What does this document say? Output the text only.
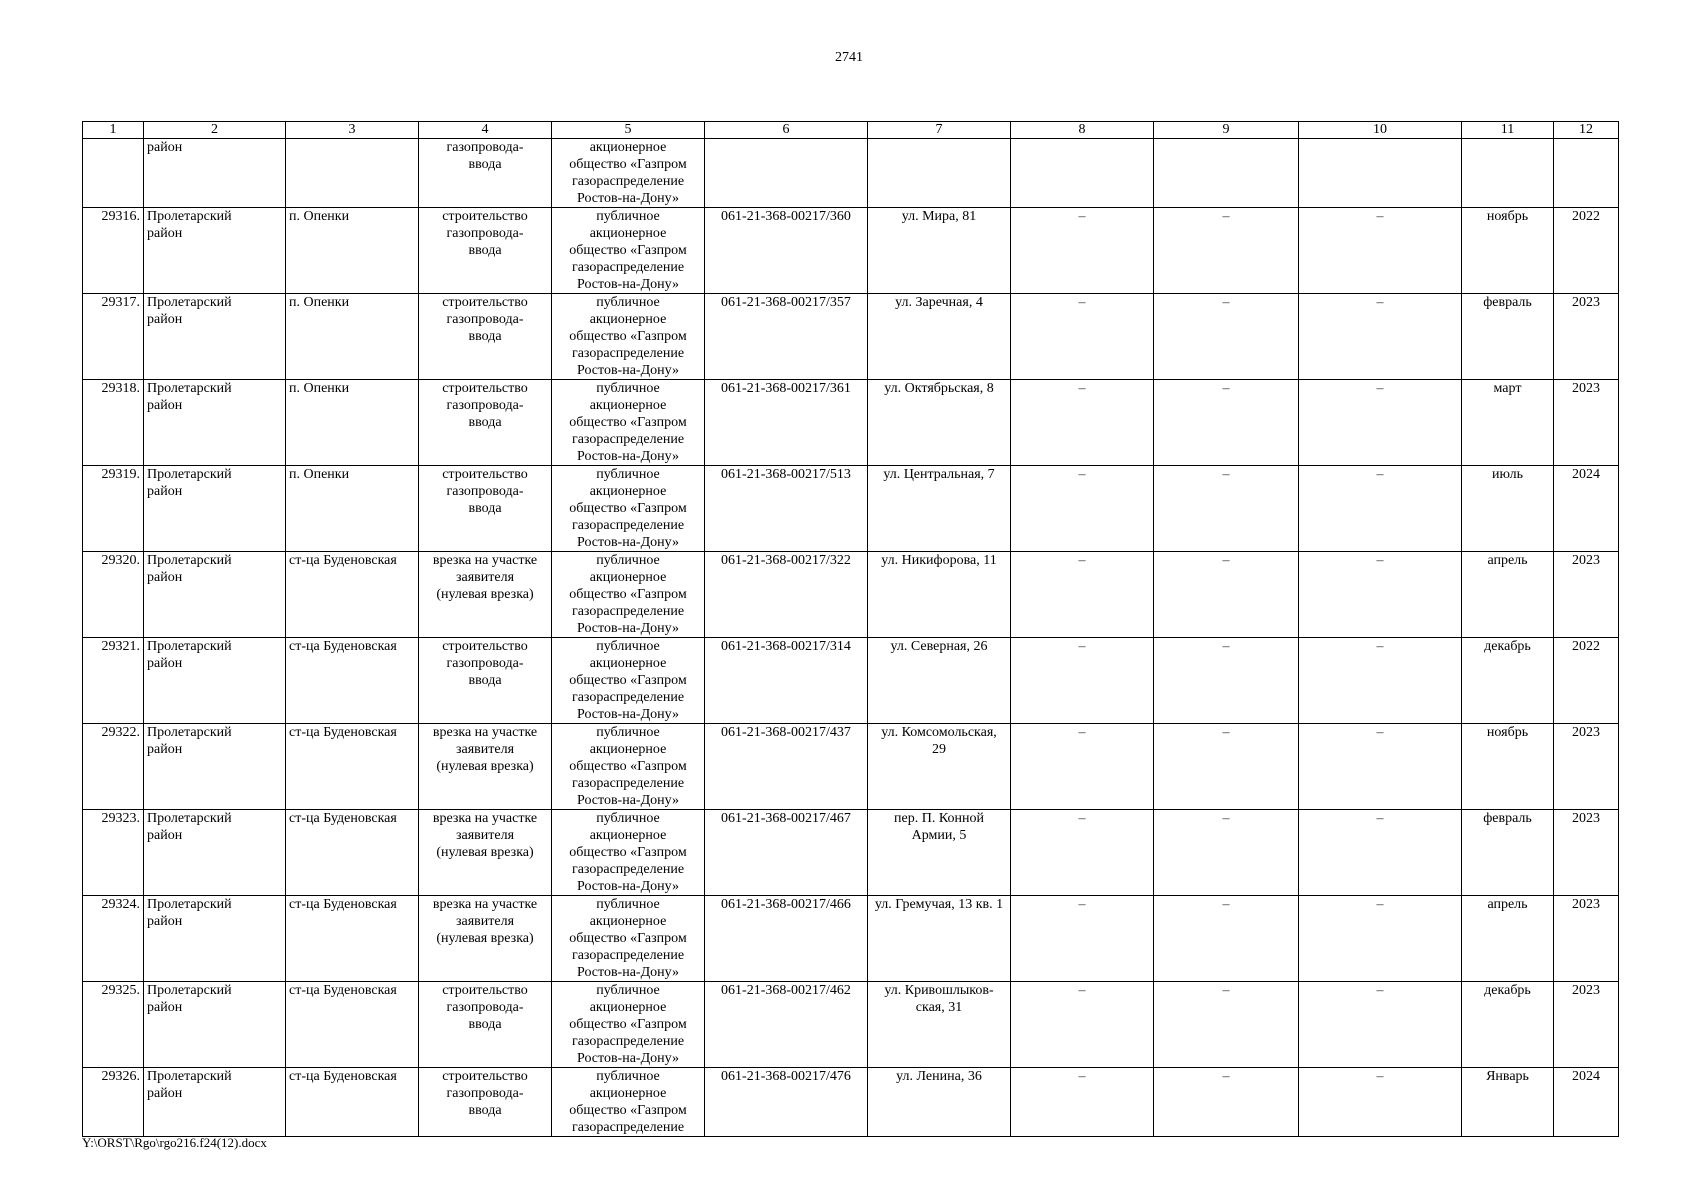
2741
1	2	3	4	5	6	7	8	9	10	11	12
	район		газопровода-
ввода	акционерное
общество «Газпром
газораспределение
Ростов-на-Дону»							
29316.	Пролетарский
район	п. Опенки	строительство
газопровода-
ввода	публичное
акционерное
общество «Газпром
газораспределение
Ростов-на-Дону»	061-21-368-00217/360	ул. Мира, 81	–	–	–	ноябрь	2022
29317.	Пролетарский
район	п. Опенки	строительство
газопровода-
ввода	публичное
акционерное
общество «Газпром
газораспределение
Ростов-на-Дону»	061-21-368-00217/357	ул. Заречная, 4	–	–	–	февраль	2023
29318.	Пролетарский
район	п. Опенки	строительство
газопровода-
ввода	публичное
акционерное
общество «Газпром
газораспределение
Ростов-на-Дону»	061-21-368-00217/361	ул. Октябрьская, 8	–	–	–	март	2023
29319.	Пролетарский
район	п. Опенки	строительство
газопровода-
ввода	публичное
акционерное
общество «Газпром
газораспределение
Ростов-на-Дону»	061-21-368-00217/513	ул. Центральная, 7	–	–	–	июль	2024
29320.	Пролетарский
район	ст-ца Буденовская	врезка на участке
заявителя
(нулевая врезка)	публичное
акционерное
общество «Газпром
газораспределение
Ростов-на-Дону»	061-21-368-00217/322	ул. Никифорова, 11	–	–	–	апрель	2023
29321.	Пролетарский
район	ст-ца Буденовская	строительство
газопровода-
ввода	публичное
акционерное
общество «Газпром
газораспределение
Ростов-на-Дону»	061-21-368-00217/314	ул. Северная, 26	–	–	–	декабрь	2022
29322.	Пролетарский
район	ст-ца Буденовская	врезка на участке
заявителя
(нулевая врезка)	публичное
акционерное
общество «Газпром
газораспределение
Ростов-на-Дону»	061-21-368-00217/437	ул. Комсомольская,
29	–	–	–	ноябрь	2023
29323.	Пролетарский
район	ст-ца Буденовская	врезка на участке
заявителя
(нулевая врезка)	публичное
акционерное
общество «Газпром
газораспределение
Ростов-на-Дону»	061-21-368-00217/467	пер. П. Конной
Армии, 5	–	–	–	февраль	2023
29324.	Пролетарский
район	ст-ца Буденовская	врезка на участке
заявителя
(нулевая врезка)	публичное
акционерное
общество «Газпром
газораспределение
Ростов-на-Дону»	061-21-368-00217/466	ул. Гремучая, 13 кв. 1	–	–	–	апрель	2023
29325.	Пролетарский
район	ст-ца Буденовская	строительство
газопровода-
ввода	публичное
акционерное
общество «Газпром
газораспределение
Ростов-на-Дону»	061-21-368-00217/462	ул. Кривошлыков-
ская, 31	–	–	–	декабрь	2023
29326.	Пролетарский
район	ст-ца Буденовская	строительство
газопровода-
ввода	публичное
акционерное
общество «Газпром
газораспределение	061-21-368-00217/476	ул. Ленина, 36	–	–	–	Январь	2024
Y:\ORST\Rgo\rgo216.f24(12).docx
